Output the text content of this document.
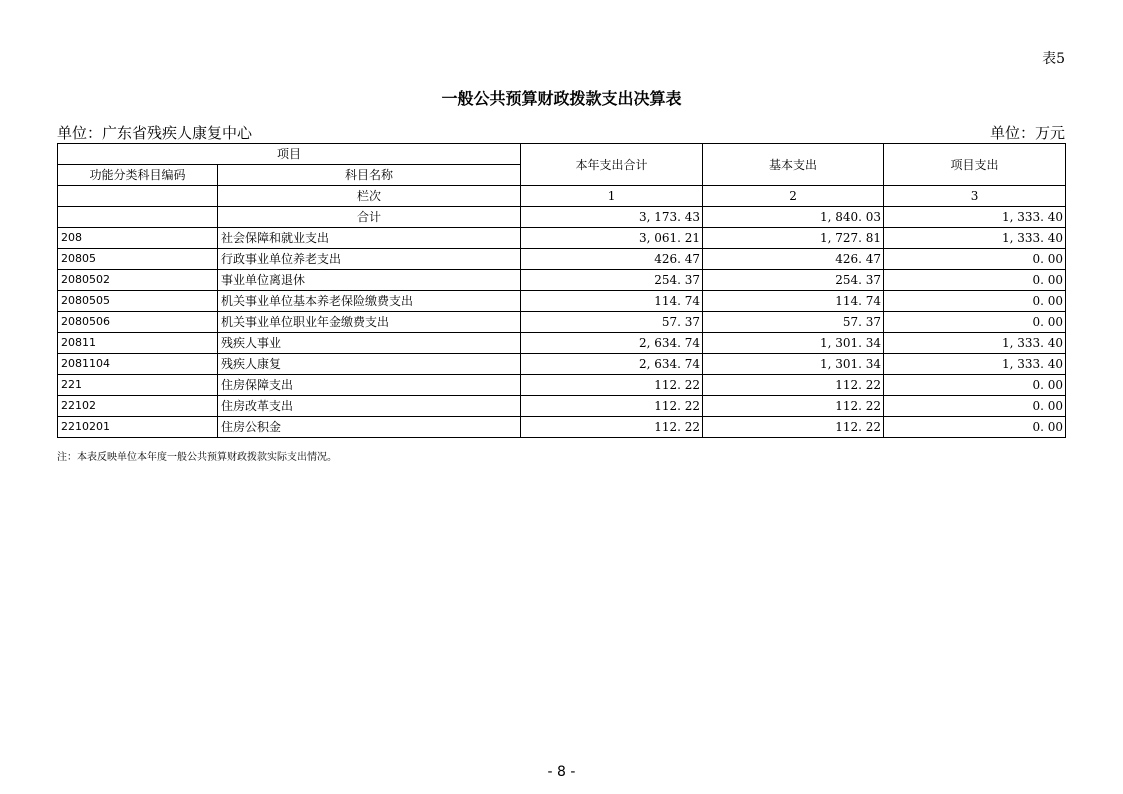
表5
一般公共预算财政拨款支出决算表
单位：广东省残疾人康复中心	单位：万元
项目		本年支出合计	基本支出	项目支出
功能分类科目编码	科目名称			
	栏次	1	2	3
	合计	3, 173. 43	1, 840. 03	1, 333. 40
208	社会保障和就业支出	3, 061. 21	1, 727. 81	1, 333. 40
20805	行政事业单位养老支出	426. 47	426. 47	0. 00
2080502	事业单位离退休	254. 37	254. 37	0. 00
2080505	机关事业单位基本养老保险缴费支出	114. 74	114. 74	0. 00
2080506	机关事业单位职业年金缴费支出	57. 37	57. 37	0. 00
20811	残疾人事业	2, 634. 74	1, 301. 34	1, 333. 40
2081104	残疾人康复	2, 634. 74	1, 301. 34	1, 333. 40
221	住房保障支出	112. 22	112. 22	0. 00
22102	住房改革支出	112. 22	112. 22	0. 00
2210201	住房公积金	112. 22	112. 22	0. 00
注：本表反映单位本年度一般公共预算财政拨款实际支出情况。
- 8 -
